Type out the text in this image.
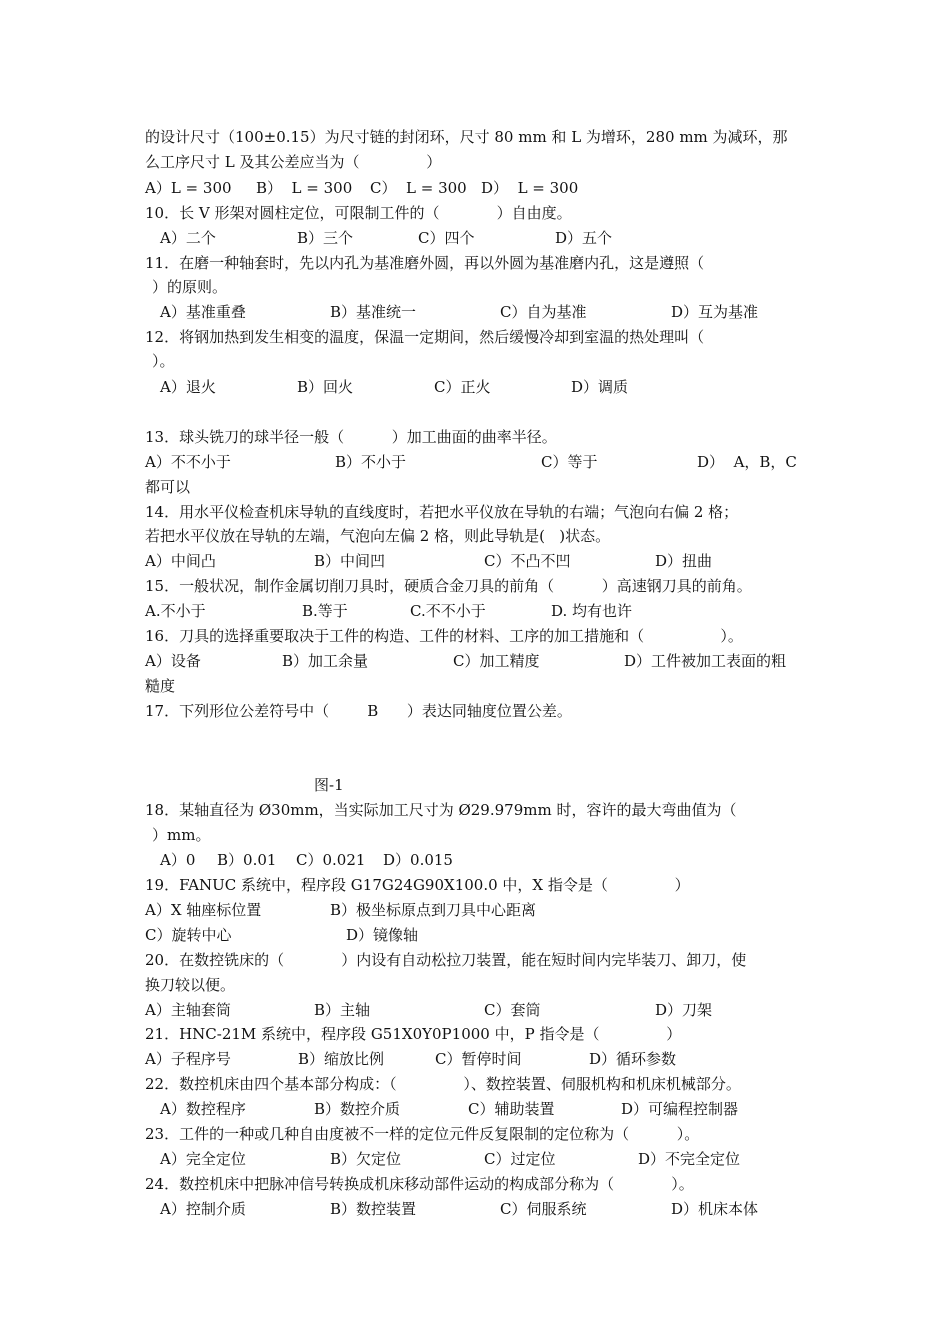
的设计尺寸（100±0.15）为尺寸链的封闭环，尺寸 80 mm 和 L 为增环，280 mm 为减环，那
么工序尺寸 L 及其公差应当为（              ）
A）L = 300 B）  L = 300 C）  L = 300 D）  L = 300
10．长 V 形架对圆柱定位，可限制工件的（            ）自由度。
A）二个	B）三个	C）四个	D）五个
11．在磨一种轴套时，先以内孔为基准磨外圆，再以外圆为基准磨内孔，这是遵照（
）的原则。
A）基准重叠	B）基准统一	C）自为基准	D）互为基准
12．将钢加热到发生相变的温度，保温一定期间，然后缓慢冷却到室温的热处理叫（
）。
A）退火	B）回火	C）正火	D）调质
13．球头铣刀的球半径一般（          ）加工曲面的曲率半径。
A）不不小于	B）不小于	C）等于	D）  A，B，C
都可以
14．用水平仪检查机床导轨的直线度时，若把水平仪放在导轨的右端；气泡向右偏 2 格；
若把水平仪放在导轨的左端，气泡向左偏 2 格，则此导轨是(   )状态。
A）中间凸	B）中间凹	C）不凸不凹	D）扭曲
15．一般状况，制作金属切削刀具时，硬质合金刀具的前角（          ）高速钢刀具的前角。
A.不小于	B.等于	C.不不小于	D. 均有也许
16．刀具的选择重要取决于工件的构造、工件的材料、工序的加工措施和（                ）。
A）设备	B）加工余量	C）加工精度	D）工件被加工表面的粗
糙度
17．下列形位公差符号中（        B      ）表达同轴度位置公差。
图-1
18．某轴直径为 Ø30mm，当实际加工尺寸为 Ø29.979mm 时，容许的最大弯曲值为（
）mm。
A）0 B）0.01 C）0.021 D）0.015
19．FANUC 系统中，程序段 G17G24G90X100.0 中，X 指令是（              ）
A）X 轴座标位置	B）极坐标原点到刀具中心距离
C）旋转中心	D）镜像轴
20．在数控铣床的（            ）内设有自动松拉刀装置，能在短时间内完毕装刀、卸刀，使
换刀较以便。
A）主轴套筒	B）主轴	C）套筒	D）刀架
21．HNC-21M 系统中，程序段 G51X0Y0P1000 中，P 指令是（              ）
A）子程序号	B）缩放比例	C）暂停时间	D）循环参数
22．数控机床由四个基本部分构成：（              ）、数控装置、伺服机构和机床机械部分。
A）数控程序	B）数控介质	C）辅助装置	D）可编程控制器
23．工件的一种或几种自由度被不一样的定位元件反复限制的定位称为（          ）。
A）完全定位	B）欠定位	C）过定位	D）不完全定位
24．数控机床中把脉冲信号转换成机床移动部件运动的构成部分称为（            ）。
A）控制介质	B）数控装置	C）伺服系统	D）机床本体
